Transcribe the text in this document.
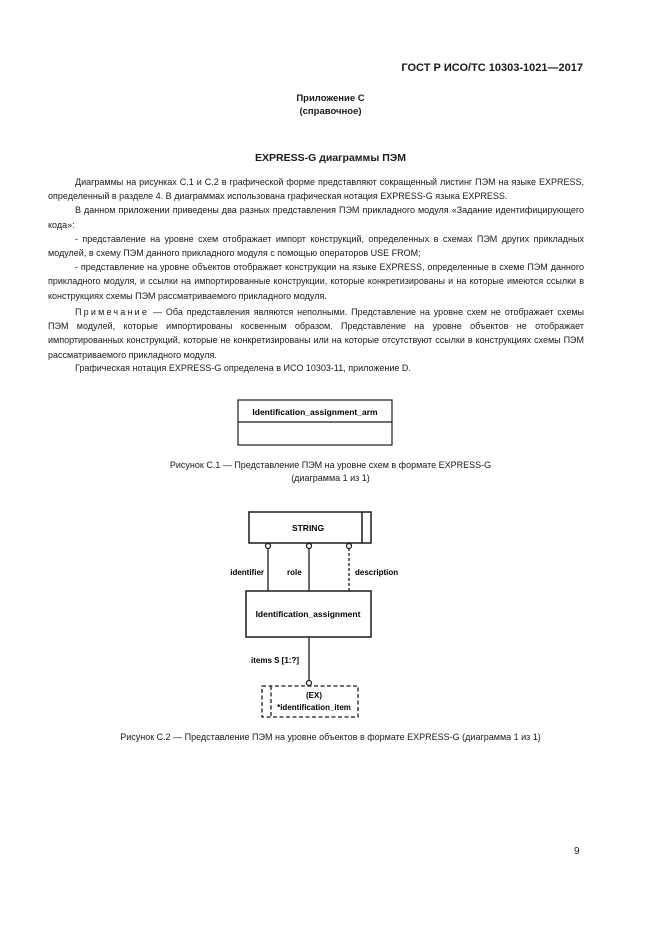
ГОСТ Р ИСО/ТС 10303-1021—2017
Приложение С
(справочное)
EXPRESS-G диаграммы ПЭМ

Диаграммы на рисунках С.1 и С.2 в графической форме представляют сокращенный листинг ПЭМ на языке EXPRESS, определенный в разделе 4. В диаграммах использована графическая нотация EXPRESS-G языка EXPRESS.

В данном приложении приведены два разных представления ПЭМ прикладного модуля «Задание идентифицирующего кода»:

- представление на уровне схем отображает импорт конструкций, определенных в схемах ПЭМ других прикладных модулей, в схему ПЭМ данного прикладного модуля с помощью операторов USE FROM;

- представление на уровне объектов отображает конструкции на языке EXPRESS, определенные в схеме ПЭМ данного прикладного модуля, и ссылки на импортированные конструкции, которые конкретизированы и на которые имеются ссылки в конструкциях схемы ПЭМ рассматриваемого прикладного модуля.

Примечание — Оба представления являются неполными. Представление на уровне схем не отображает схемы ПЭМ модулей, которые импортированы косвенным образом. Представление на уровне объектов не отображает импортированных конструкций, которые не конкретизированы или на которые отсутствуют ссылки в конструкциях схемы ПЭМ рассматриваемого прикладного модуля.

Графическая нотация EXPRESS-G определена в ИСО 10303-11, приложение D.

Identification_assignment_arm
STRING
identifier	role	description
Identification_assignment
items S [1:?]
(EX)
*identification_item
Рисунок С.1 — Представление ПЭМ на уровне схем в формате EXPRESS-G
(диаграмма 1 из 1)
Рисунок С.2 — Представление ПЭМ на уровне объектов в формате EXPRESS-G (диаграмма 1 из 1)
9
